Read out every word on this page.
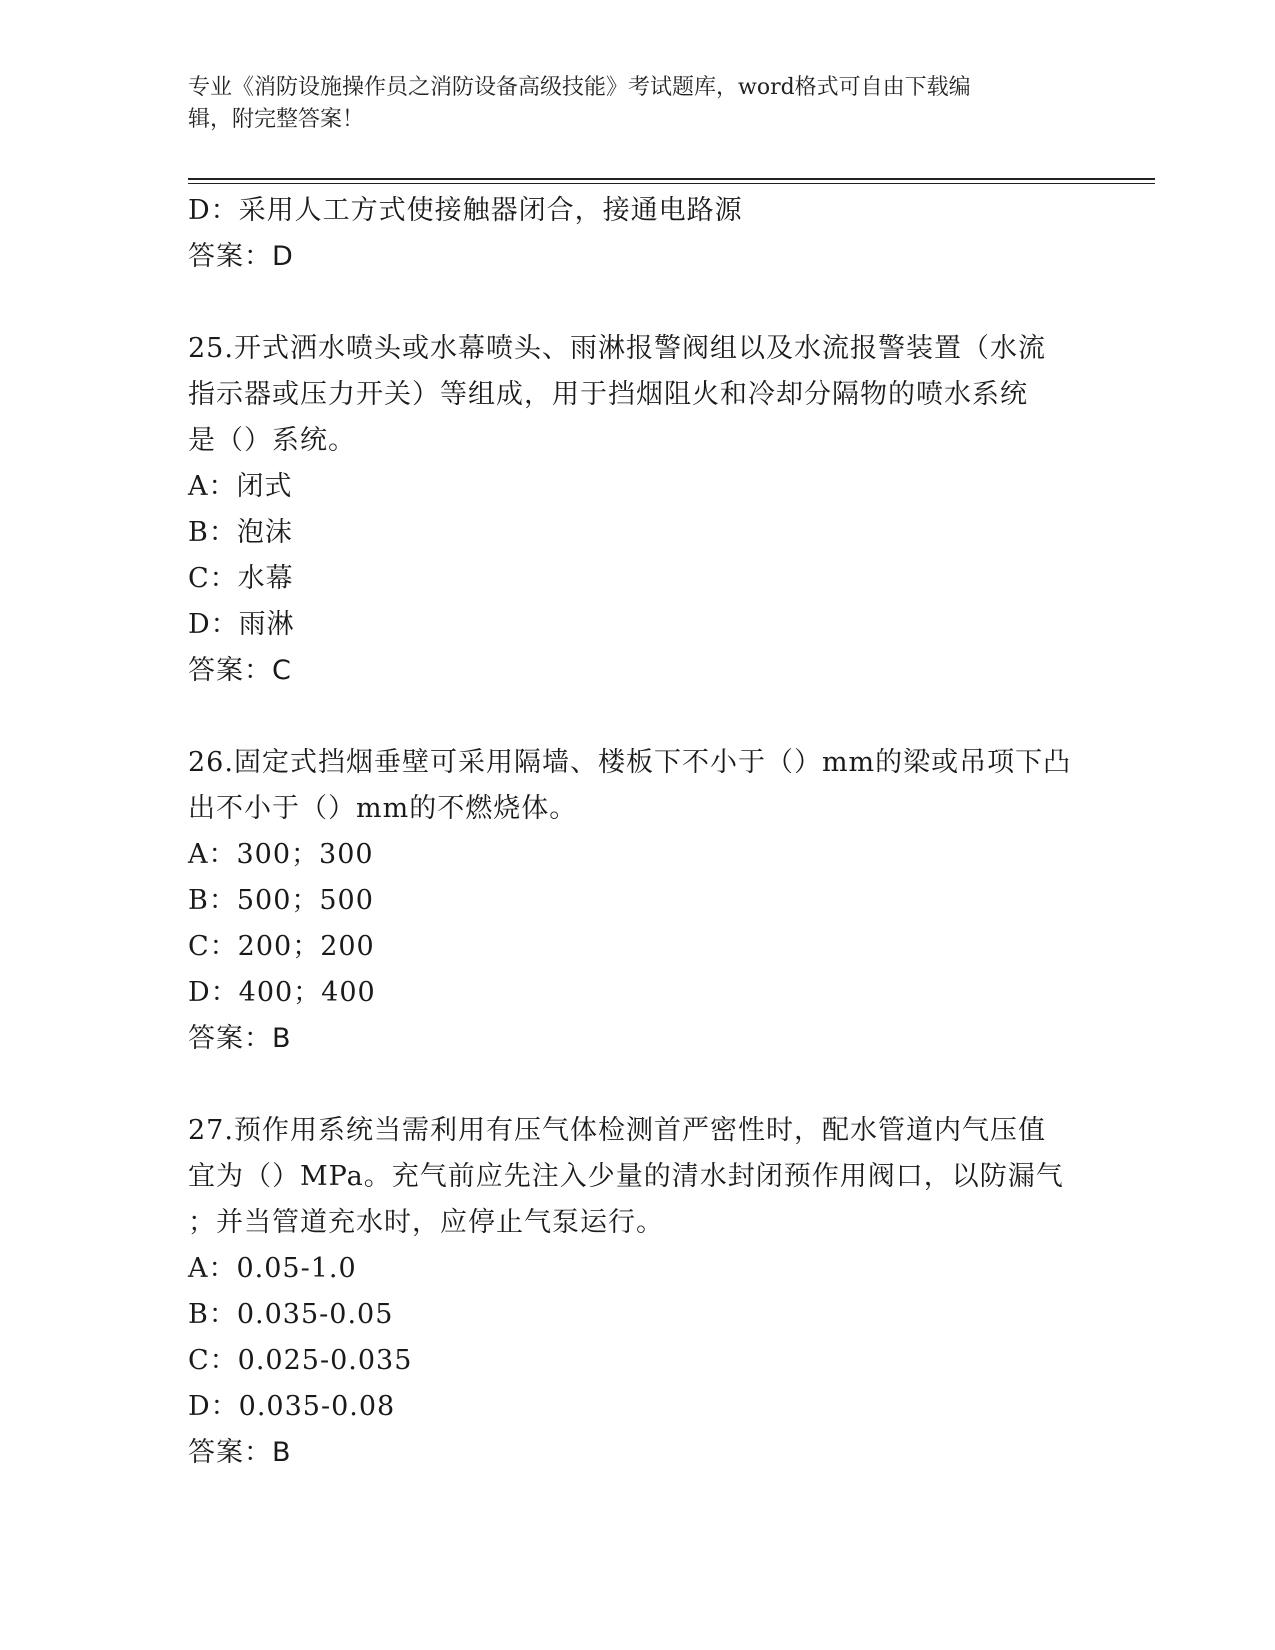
专业《消防设施操作员之消防设备高级技能》考试题库，word格式可自由下载编
辑，附完整答案！
D：采用人工方式使接触器闭合，接通电路源
答案：D
25.开式洒水喷头或水幕喷头、雨淋报警阀组以及水流报警装置（水流
指示器或压力开关）等组成，用于挡烟阻火和冷却分隔物的喷水系统
是（）系统。
A：闭式
B：泡沫
C：水幕
D：雨淋
答案：C
26.固定式挡烟垂壁可采用隔墙、楼板下不小于（）mm的梁或吊项下凸
出不小于（）mm的不燃烧体。
A：300；300
B：500；500
C：200；200
D：400；400
答案：B
27.预作用系统当需利用有压气体检测首严密性时，配水管道内气压值
宜为（）MPa。充气前应先注入少量的清水封闭预作用阀口，以防漏气
；并当管道充水时，应停止气泵运行。
A：0.05-1.0
B：0.035-0.05
C：0.025-0.035
D：0.035-0.08
答案：B
